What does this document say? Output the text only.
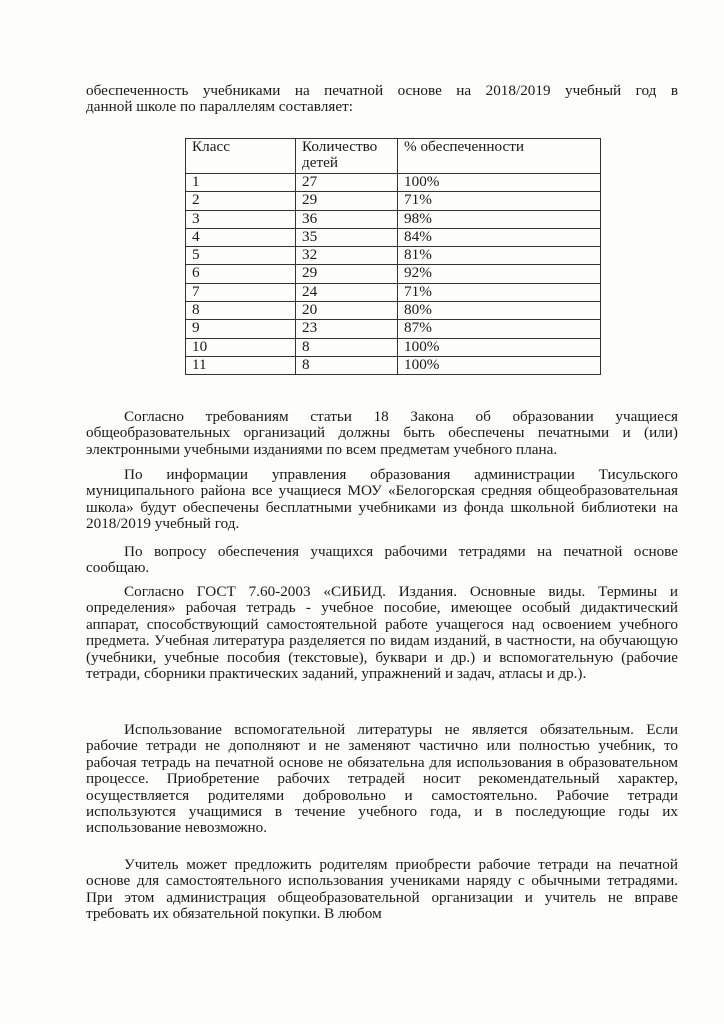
обеспеченность учебниками на печатной основе на 2018/2019 учебный год в
данной школе по параллелям составляет:
Класс	Количество детей	% обеспеченности
1	27	100%
2	29	71%
3	36	98%
4	35	84%
5	32	81%
6	29	92%
7	24	71%
8	20	80%
9	23	87%
10	8	100%
11	8	100%

Согласно требованиям статьи 18 Закона об образовании учащиеся общеобразовательных организаций должны быть обеспечены печатными и (или) электронными учебными изданиями по всем предметам учебного плана.

По информации управления образования администрации Тисульского муниципального района все учащиеся МОУ «Белогорская средняя общеобразовательная школа» будут обеспечены бесплатными учебниками из фонда школьной библиотеки на 2018/2019 учебный год.

По вопросу обеспечения учащихся рабочими тетрадями на печатной основе сообщаю.

Согласно ГОСТ 7.60-2003 «СИБИД. Издания. Основные виды. Термины и определения» рабочая тетрадь - учебное пособие, имеющее особый дидактический аппарат, способствующий самостоятельной работе учащегося над освоением учебного предмета. Учебная литература разделяется по видам изданий, в частности, на обучающую (учебники, учебные пособия (текстовые), буквари и др.) и вспомогательную (рабочие тетради, сборники практических заданий, упражнений и задач, атласы и др.).

Использование вспомогательной литературы не является обязательным. Если рабочие тетради не дополняют и не заменяют частично или полностью учебник, то рабочая тетрадь на печатной основе не обязательна для использования в образовательном процессе. Приобретение рабочих тетрадей носит рекомендательный характер, осуществляется родителями добровольно и самостоятельно. Рабочие тетради используются учащимися в течение учебного года, и в последующие годы их использование невозможно.

Учитель может предложить родителям приобрести рабочие тетради на печатной основе для самостоятельного использования учениками наряду с обычными тетрадями. При этом администрация общеобразовательной организации и учитель не вправе требовать их обязательной покупки. В любом
